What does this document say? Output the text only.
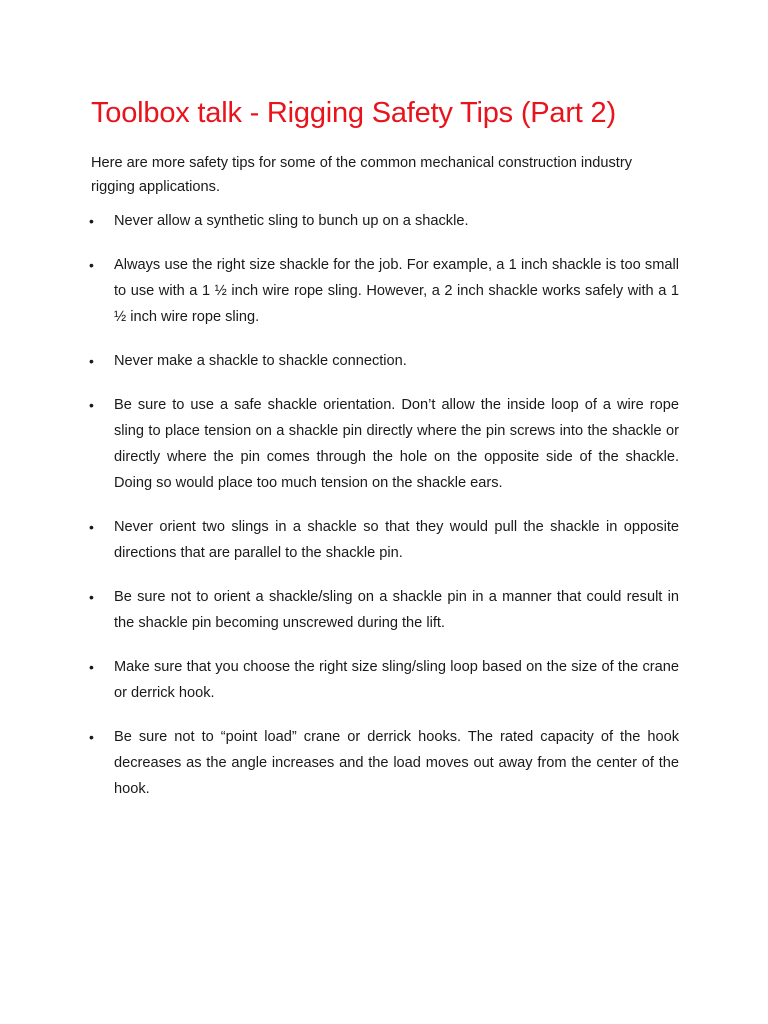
Toolbox talk - Rigging Safety Tips (Part 2)

Here are more safety tips for some of the common mechanical construction industry rigging applications.

•	Never allow a synthetic sling to bunch up on a shackle.
•	Always use the right size shackle for the job. For example, a 1 inch shackle is too small to use with a 1 ½ inch wire rope sling. However, a 2 inch shackle works safely with a 1 ½ inch wire rope sling.
•	Never make a shackle to shackle connection.
•	Be sure to use a safe shackle orientation. Don’t allow the inside loop of a wire rope sling to place tension on a shackle pin directly where the pin screws into the shackle or directly where the pin comes through the hole on the opposite side of the shackle. Doing so would place too much tension on the shackle ears.
•	Never orient two slings in a shackle so that they would pull the shackle in opposite directions that are parallel to the shackle pin.
•	Be sure not to orient a shackle/sling on a shackle pin in a manner that could result in the shackle pin becoming unscrewed during the lift.
•	Make sure that you choose the right size sling/sling loop based on the size of the crane or derrick hook.
•	Be sure not to “point load” crane or derrick hooks. The rated capacity of the hook decreases as the angle increases and the load moves out away from the center of the hook.
